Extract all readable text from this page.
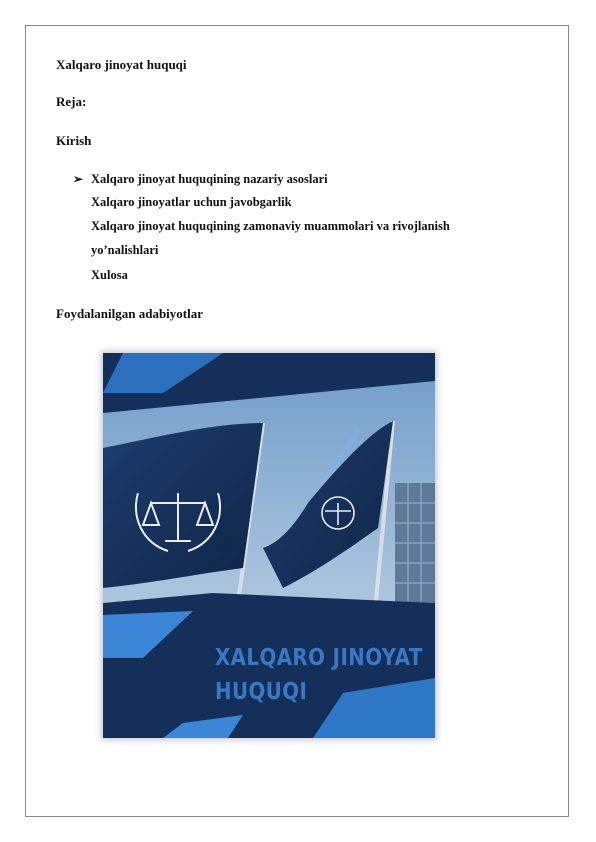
Xalqaro jinoyat huquqi
Reja:
Kirish
➢ Xalqaro jinoyat huquqining nazariy asoslari
Xalqaro jinoyatlar uchun javobgarlik
Xalqaro jinoyat huquqining zamonaviy muammolari va rivojlanish
yo’nalishlari
Xulosa
Foydalanilgan adabiyotlar
XALQARO JINOYAT
HUQUQI
